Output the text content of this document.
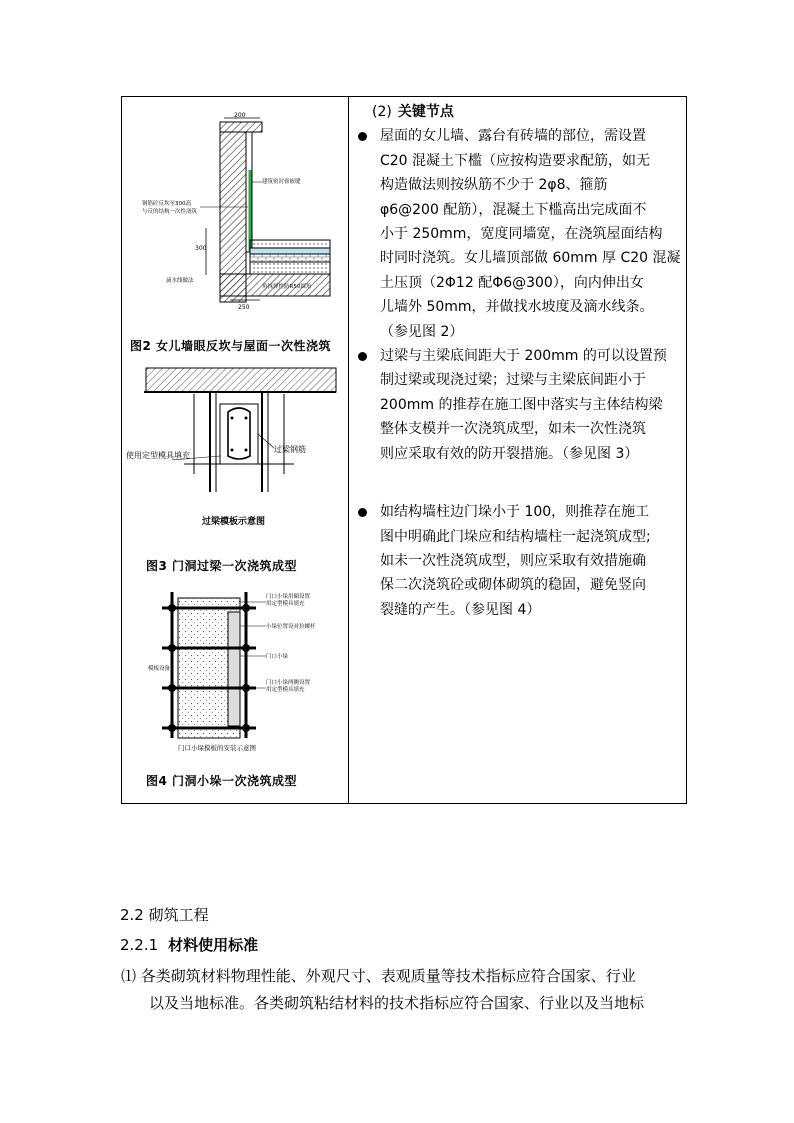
200
300
250
钢筋砼反坎至300高
与反的结构一次性浇筑
建筑密封膏嵌缝
滴水线做法
角抹弹性防R50圆角
图2 女儿墙眼反坎与屋面一次性浇筑
使用定型模具填充
过梁钢筋
过梁模板示意图
图3 门洞过梁一次浇筑成型
门口小垛用圈设置
用定型模具填充
小垛位置设对拉螺杆
门口小垛
门口小垛两侧设置
用定型模具填充
模板设备
门口小垛模板的安装示意图
图4 门洞小垛一次浇筑成型
(2) 关键节点
屋面的女儿墙、露台有砖墙的部位，需设置
C20 混凝土下槛（应按构造要求配筋，如无
构造做法则按纵筋不少于 2φ8、箍筋
φ6@200 配筋），混凝土下槛高出完成面不
小于 250mm，宽度同墙宽，在浇筑屋面结构
时同时浇筑。女儿墙顶部做 60mm 厚 C20 混凝
土压顶（2Φ12 配Φ6@300），向内伸出女
儿墙外 50mm，并做找水坡度及滴水线条。
（参见图 2）
过梁与主梁底间距大于 200mm 的可以设置预
制过梁或现浇过梁；过梁与主梁底间距小于
200mm 的推荐在施工图中落实与主体结构梁
整体支模并一次浇筑成型，如未一次性浇筑
则应采取有效的防开裂措施。（参见图 3）
如结构墙柱边门垛小于 100，则推荐在施工
图中明确此门垛应和结构墙柱一起浇筑成型;
如未一次性浇筑成型，则应采取有效措施确
保二次浇筑砼或砌体砌筑的稳固，避免竖向
裂缝的产生。（参见图 4）
2.2 砌筑工程
2.2.1 材料使用标准
⑴ 各类砌筑材料物理性能、外观尺寸、表观质量等技术指标应符合国家、行业
以及当地标准。各类砌筑粘结材料的技术指标应符合国家、行业以及当地标
